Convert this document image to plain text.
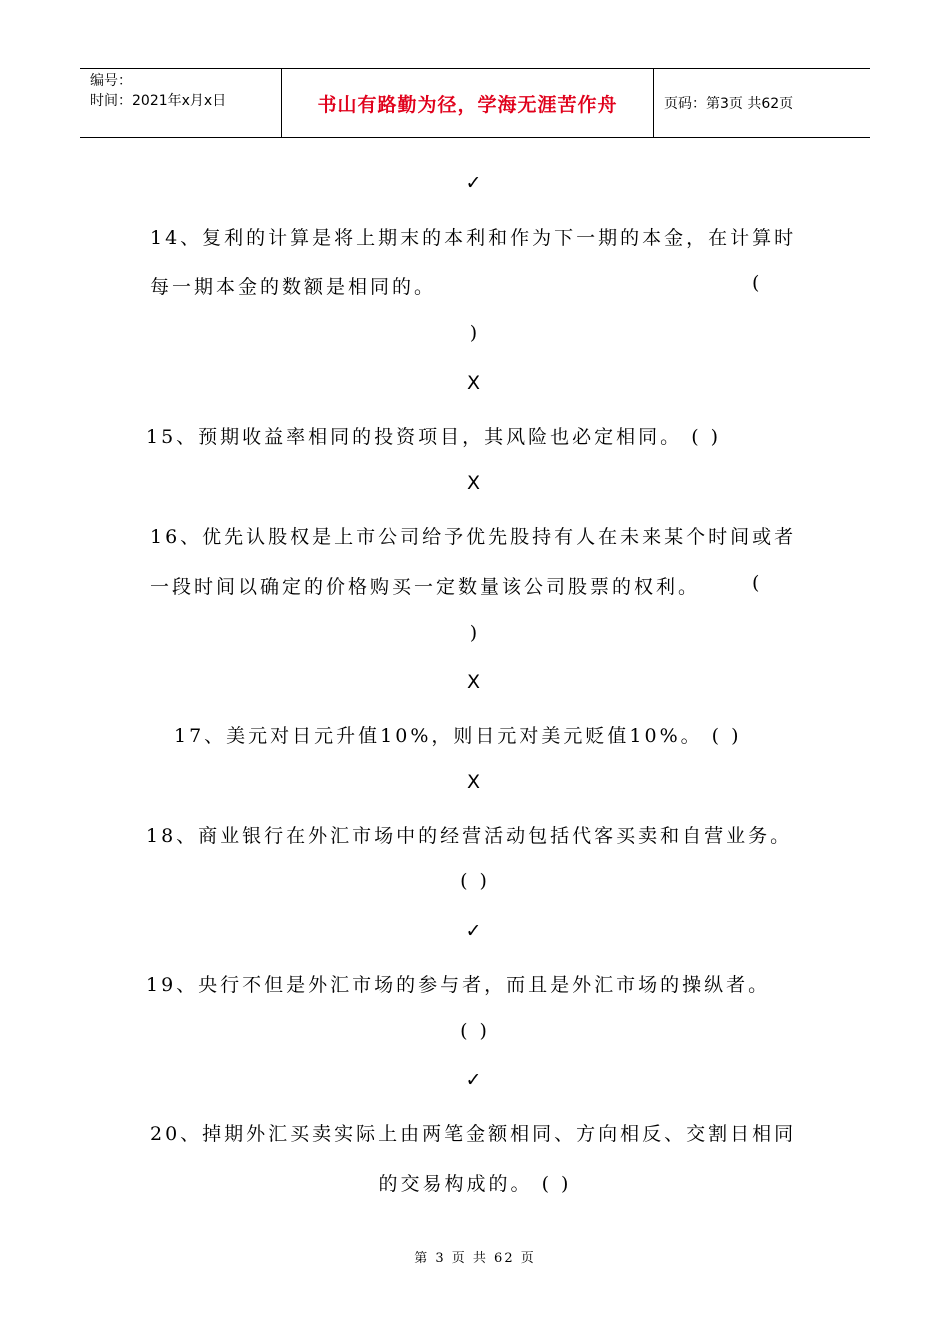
编号：
时间：2021年x月x日	书山有路勤为径，学海无涯苦作舟	页码：第3页 共62页
✓
14、复利的计算是将上期末的本利和作为下一期的本金，在计算时
每一期本金的数额是相同的。	(
)
X
15、预期收益率相同的投资项目，其风险也必定相同。 ( )
X
16、优先认股权是上市公司给予优先股持有人在未来某个时间或者
一段时间以确定的价格购买一定数量该公司股票的权利。	(
)
X
17、美元对日元升值10%，则日元对美元贬值10%。 ( )
X
18、商业银行在外汇市场中的经营活动包括代客买卖和自营业务。
( )
✓
19、央行不但是外汇市场的参与者，而且是外汇市场的操纵者。
( )
✓
20、掉期外汇买卖实际上由两笔金额相同、方向相反、交割日相同
的交易构成的。 ( )
第 3 页 共 62 页
